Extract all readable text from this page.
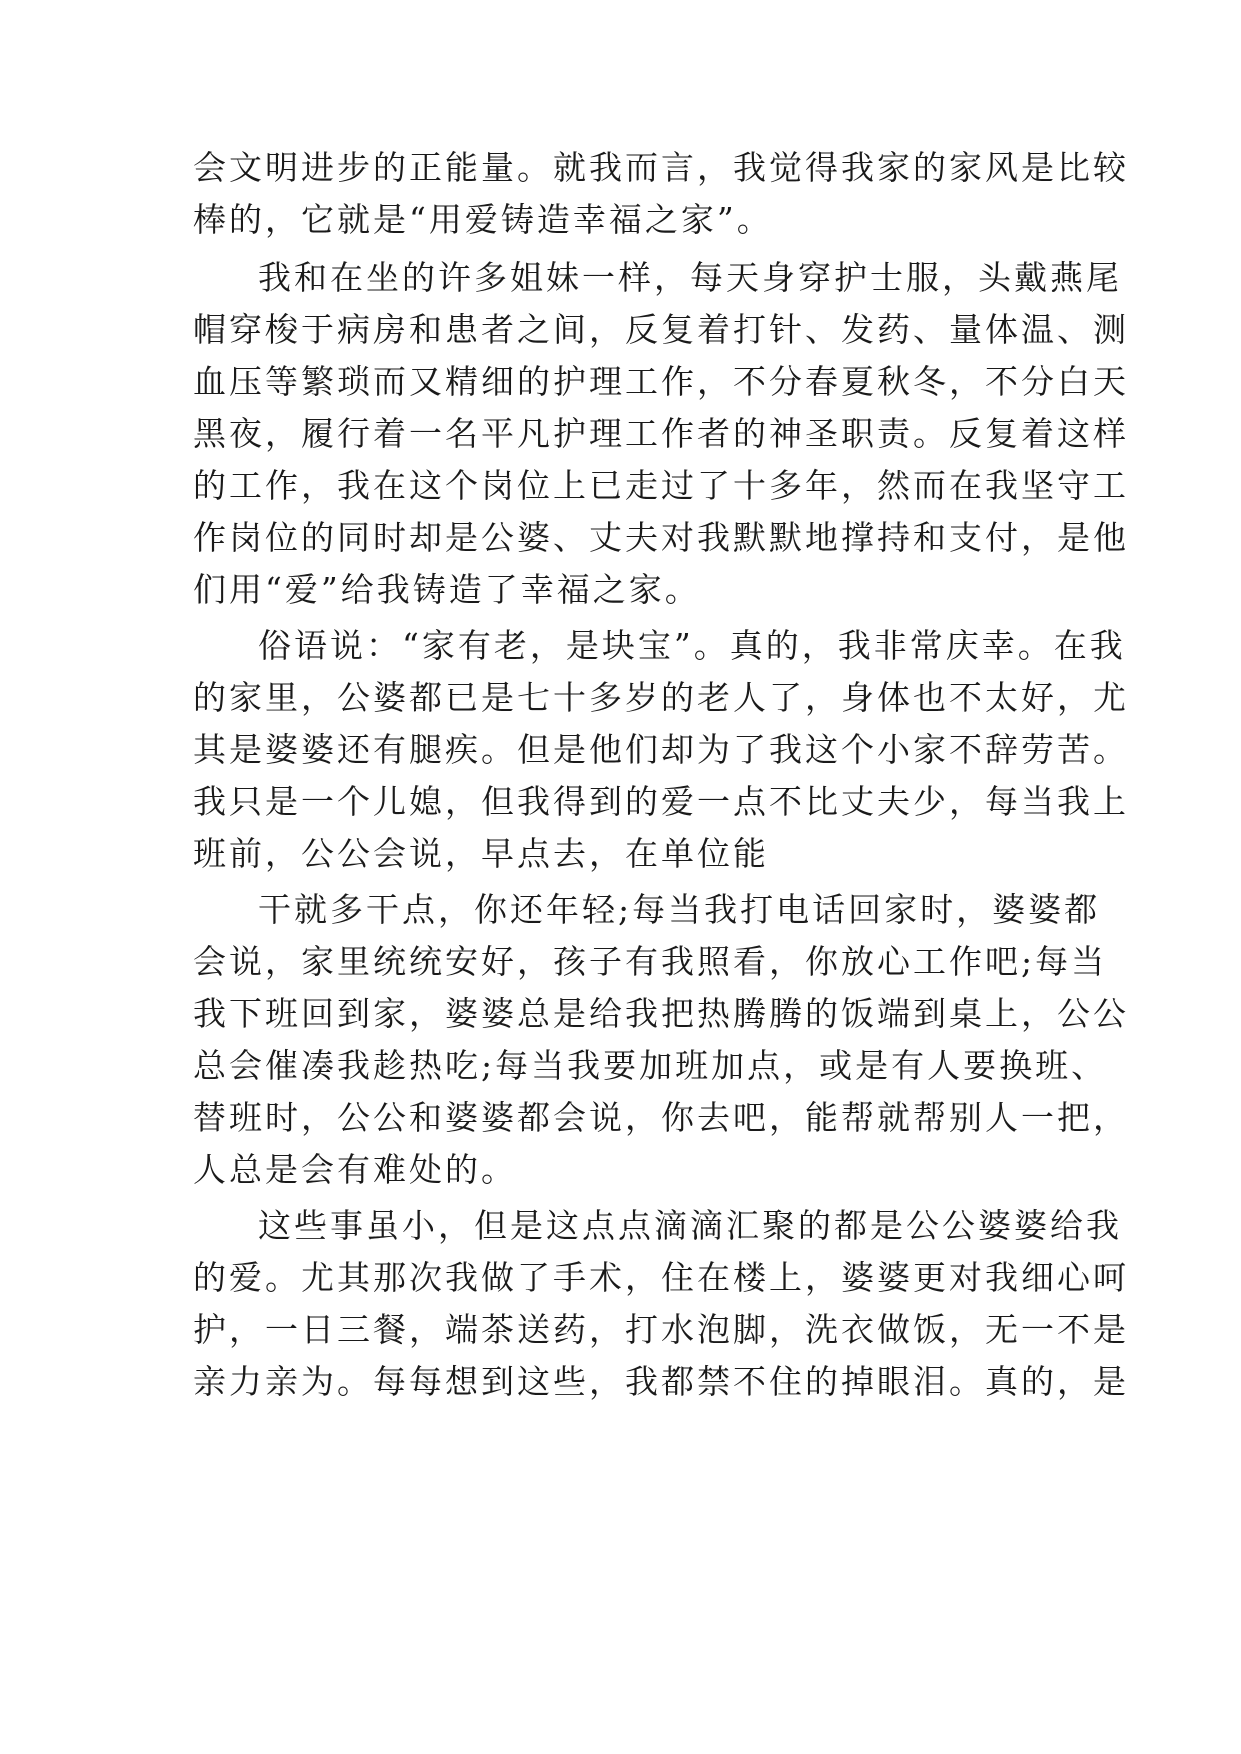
会文明进步的正能量。就我而言，我觉得我家的家风是比较
棒的，它就是“用爱铸造幸福之家”。
我和在坐的许多姐妹一样，每天身穿护士服，头戴燕尾
帽穿梭于病房和患者之间，反复着打针、发药、量体温、测
血压等繁琐而又精细的护理工作，不分春夏秋冬，不分白天
黑夜，履行着一名平凡护理工作者的神圣职责。反复着这样
的工作，我在这个岗位上已走过了十多年，然而在我坚守工
作岗位的同时却是公婆、丈夫对我默默地撑持和支付，是他
们用“爱”给我铸造了幸福之家。
俗语说：“家有老，是块宝”。真的，我非常庆幸。在我
的家里，公婆都已是七十多岁的老人了，身体也不太好，尤
其是婆婆还有腿疾。但是他们却为了我这个小家不辞劳苦。
我只是一个儿媳，但我得到的爱一点不比丈夫少，每当我上
班前，公公会说，早点去，在单位能
干就多干点，你还年轻;每当我打电话回家时，婆婆都
会说，家里统统安好，孩子有我照看，你放心工作吧;每当
我下班回到家，婆婆总是给我把热腾腾的饭端到桌上，公公
总会催凑我趁热吃;每当我要加班加点，或是有人要换班、
替班时，公公和婆婆都会说，你去吧，能帮就帮别人一把，
人总是会有难处的。
这些事虽小，但是这点点滴滴汇聚的都是公公婆婆给我
的爱。尤其那次我做了手术，住在楼上，婆婆更对我细心呵
护，一日三餐，端茶送药，打水泡脚，洗衣做饭，无一不是
亲力亲为。每每想到这些，我都禁不住的掉眼泪。真的，是
